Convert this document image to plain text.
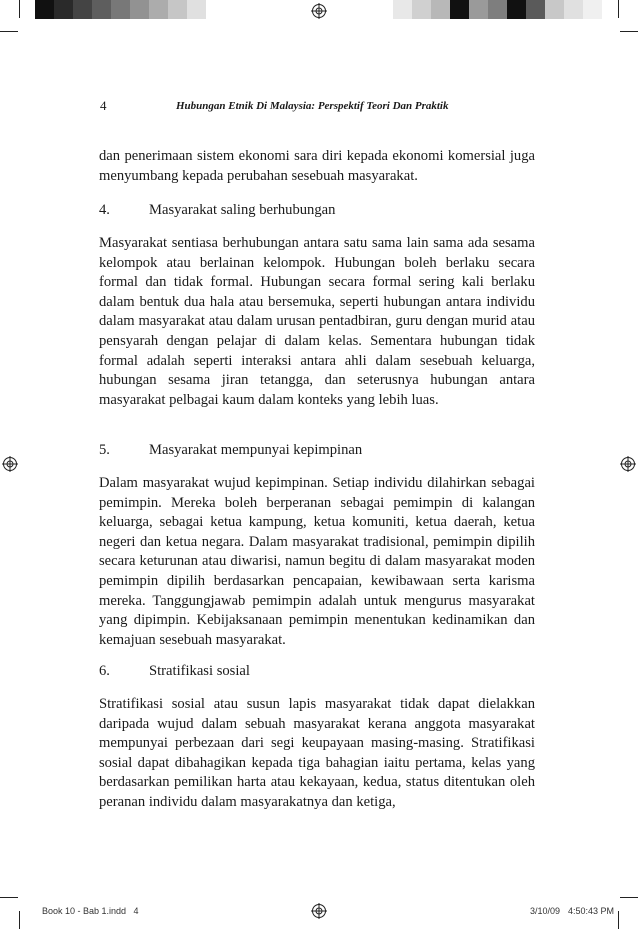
4	Hubungan Etnik Di Malaysia: Perspektif Teori Dan Praktik

dan penerimaan sistem ekonomi sara diri kepada ekonomi komersial juga menyumbang kepada perubahan sesebuah masyarakat.

4.	Masyarakat saling berhubungan

Masyarakat sentiasa berhubungan antara satu sama lain sama ada sesama kelompok atau berlainan kelompok. Hubungan boleh berlaku secara formal dan tidak formal. Hubungan secara formal sering kali berlaku dalam bentuk dua hala atau bersemuka, seperti hubungan antara individu dalam masyarakat atau dalam urusan pentadbiran, guru dengan murid atau pensyarah dengan pelajar di dalam kelas. Sementara hubungan tidak formal adalah seperti interaksi antara ahli dalam sesebuah keluarga, hubungan sesama jiran tetangga, dan seterusnya hubungan antara masyarakat pelbagai kaum dalam konteks yang lebih luas.

5.	Masyarakat mempunyai kepimpinan

Dalam masyarakat wujud kepimpinan. Setiap individu dilahirkan sebagai pemimpin. Mereka boleh berperanan sebagai pemimpin di kalangan keluarga, sebagai ketua kampung, ketua komuniti, ketua daerah, ketua negeri dan ketua negara. Dalam masyarakat tradisional, pemimpin dipilih secara keturunan atau diwarisi, namun begitu di dalam masyarakat moden pemimpin dipilih berdasarkan pencapaian, kewibawaan serta karisma mereka. Tanggungjawab pemimpin adalah untuk mengurus masyarakat yang dipimpin. Kebijaksanaan pemimpin menentukan kedinamikan dan kemajuan sesebuah masyarakat.

6.	Stratifikasi sosial

Stratifikasi sosial atau susun lapis masyarakat tidak dapat dielakkan daripada wujud dalam sebuah masyarakat kerana anggota masyarakat mempunyai perbezaan dari segi keupayaan masing-masing. Stratifikasi sosial dapat dibahagikan kepada tiga bahagian iaitu pertama, kelas yang berdasarkan pemilikan harta atau kekayaan, kedua, status ditentukan oleh peranan individu dalam masyarakatnya dan ketiga,

Book 10 - Bab 1.indd   4	3/10/09 4:50:43 PM
